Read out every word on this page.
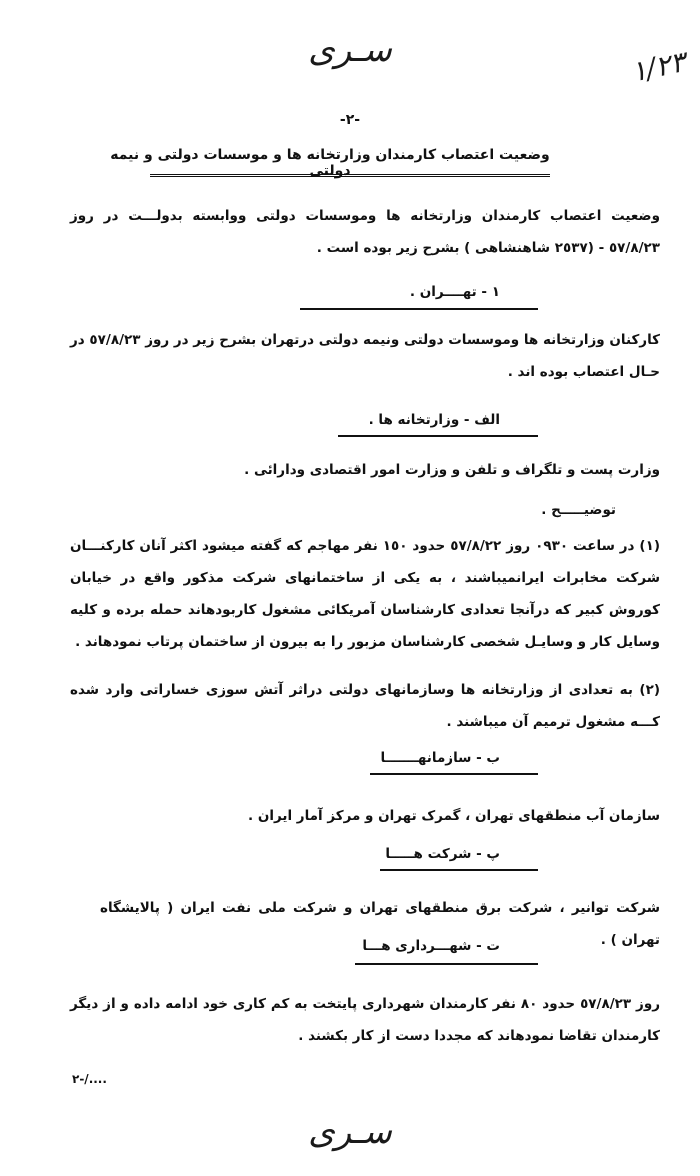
سـرى	١/٢٣
-٢-
وضعیت اعتصاب کارمندان وزارتخانه ها و موسسات دولتی و نیمه دولتی
وضعیت اعتصاب کارمندان وزارتخانه ها وموسسات دولتی ووابسته بدولـــت در روز ٥٧/٨/٢٣ - (٢٥٣٧ شاهنشاهی ) بشرح زیر بوده است .
١ - تهــــران .
کارکنان وزارتخانه ها وموسسات دولتی ونیمه دولتی درتهران بشرح زیر در روز ٥٧/٨/٢٣ در حـال اعتصاب بوده اند .
الف - وزارتخانه ها .
وزارت پست و تلگراف و تلفن و وزارت امور اقتصادی ودارائی .
توضیـــــح .
(١) در ساعت ٠٩٣٠ روز ٥٧/٨/٢٢ حدود ١٥٠ نفر مهاجم که گفته میشود اکثر آنان کارکنـــان شرکت مخابرات ایرانمیباشند ، به یکی از ساختمانهای شرکت مذکور واقع در خیابان کوروش کبیر که درآنجا تعدادی کارشناسان آمریکائی مشغول کاربودهاند حمله برده و کلیه وسایل کار و وسایـل شخصی کارشناسان مزبور را به بیرون از ساختمان پرتاب نمودهاند .
(٢) به تعدادی از وزارتخانه ها وسازمانهای دولتی دراثر آتش سوزی خساراتی وارد شده کـــه مشغول ترمیم آن میباشند .
ب - سازمانهـــــــا
سازمان آب منطقهای تهران ، گمرک تهران و مرکز آمار ایران .
پ - شرکت هـــــا
شرکت توانیر ، شرکت برق منطقهای تهران و شرکت ملی نفت ایران ( پالایشگاه تهران ) .
ت - شهـــرداری هـــا
روز ٥٧/٨/٢٣ حدود ٨٠ نفر کارمندان شهرداری پایتخت به کم کاری خود ادامه داده و از دیگر کارمندان تقاضا نمودهاند که مجددا دست از کار بکشند .
٢-/....
سـرى
